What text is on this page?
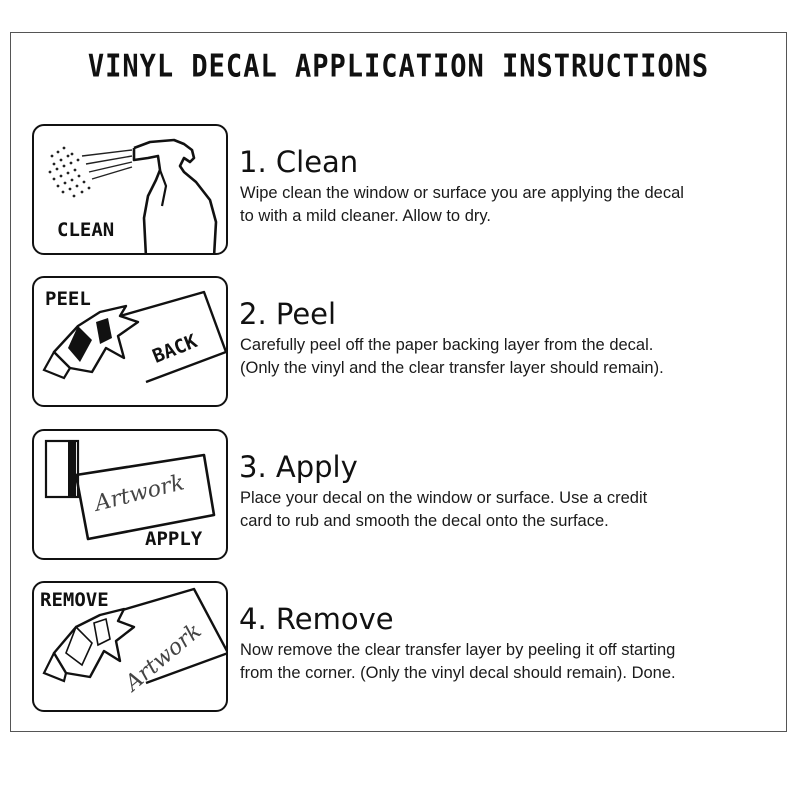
VINYL DECAL APPLICATION INSTRUCTIONS
CLEAN
1. Clean
Wipe clean the window or surface you are applying the decal
to with a mild cleaner. Allow to dry.
PEEL
BACK
2. Peel
Carefully peel off the paper backing layer from the decal.
(Only the vinyl and the clear transfer layer should remain).
Artwork
APPLY
3. Apply
Place your decal on the window or surface. Use a credit
card to rub and smooth the decal onto the surface.
REMOVE
Artwork 4. Remove
Now remove the clear transfer layer by peeling it off starting
from the corner. (Only the vinyl decal should remain). Done.
